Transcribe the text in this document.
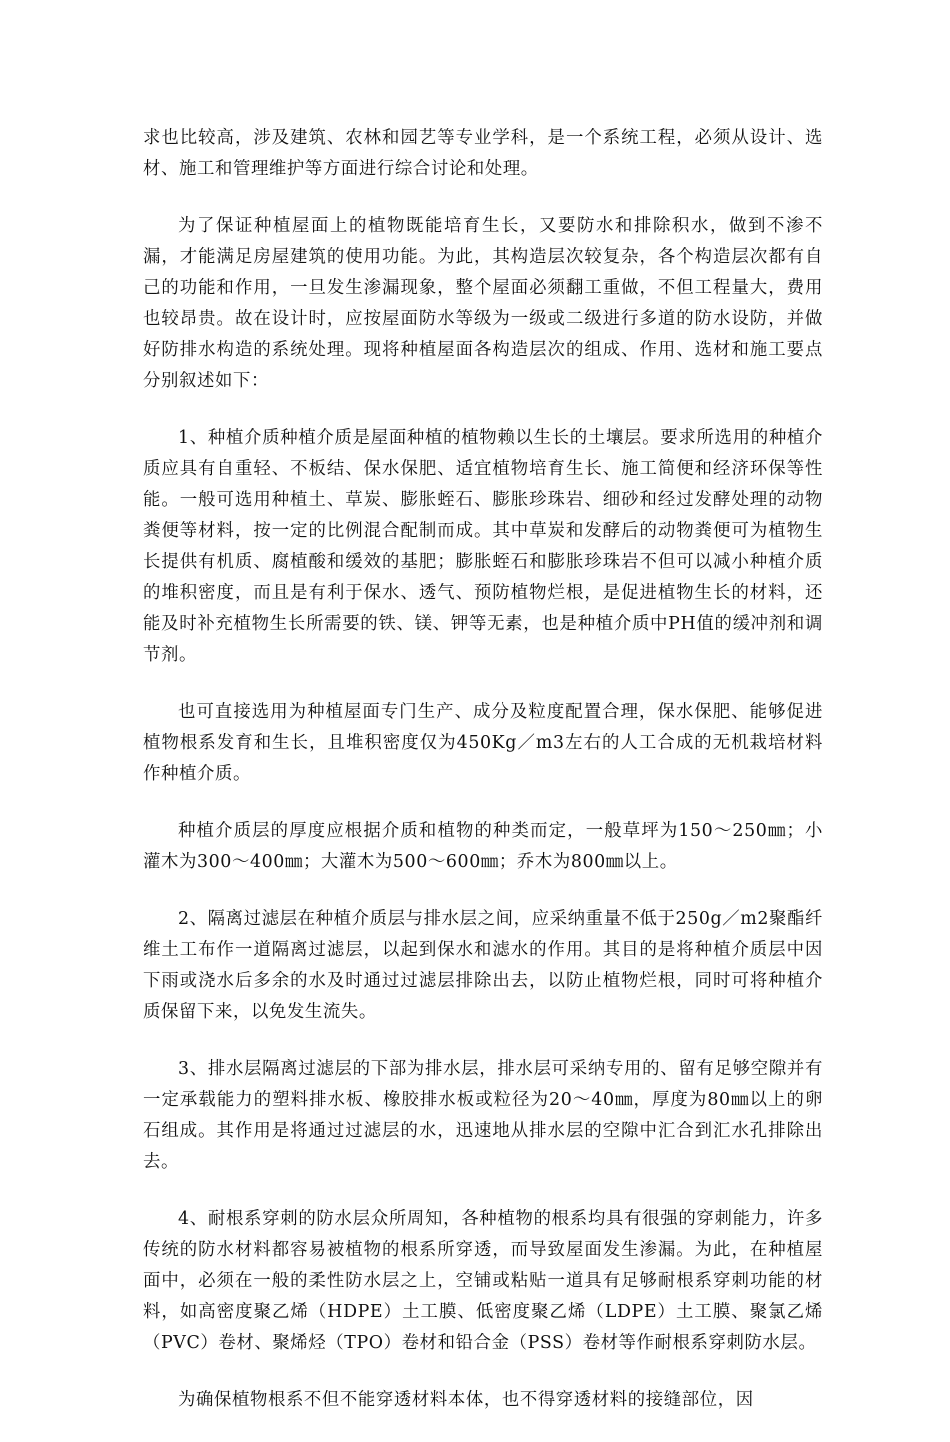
求也比较高，涉及建筑、农林和园艺等专业学科，是一个系统工程，必须从设计、选材、施工和管理维护等方面进行综合讨论和处理。

为了保证种植屋面上的植物既能培育生长，又要防水和排除积水，做到不渗不漏，才能满足房屋建筑的使用功能。为此，其构造层次较复杂，各个构造层次都有自己的功能和作用，一旦发生渗漏现象，整个屋面必须翻工重做，不但工程量大，费用也较昂贵。故在设计时，应按屋面防水等级为一级或二级进行多道的防水设防，并做好防排水构造的系统处理。现将种植屋面各构造层次的组成、作用、选材和施工要点分别叙述如下：

1、种植介质种植介质是屋面种植的植物赖以生长的土壤层。要求所选用的种植介质应具有自重轻、不板结、保水保肥、适宜植物培育生长、施工简便和经济环保等性能。一般可选用种植土、草炭、膨胀蛭石、膨胀珍珠岩、细砂和经过发酵处理的动物粪便等材料，按一定的比例混合配制而成。其中草炭和发酵后的动物粪便可为植物生长提供有机质、腐植酸和缓效的基肥；膨胀蛭石和膨胀珍珠岩不但可以减小种植介质的堆积密度，而且是有利于保水、透气、预防植物烂根，是促进植物生长的材料，还能及时补充植物生长所需要的铁、镁、钾等无素，也是种植介质中PH值的缓冲剂和调节剂。

也可直接选用为种植屋面专门生产、成分及粒度配置合理，保水保肥、能够促进植物根系发育和生长，且堆积密度仅为450Kg／m3左右的人工合成的无机栽培材料作种植介质。

种植介质层的厚度应根据介质和植物的种类而定，一般草坪为150～250㎜；小灌木为300～400㎜；大灌木为500～600㎜；乔木为800㎜以上。

2、隔离过滤层在种植介质层与排水层之间，应采纳重量不低于250g／m2聚酯纤维土工布作一道隔离过滤层，以起到保水和滤水的作用。其目的是将种植介质层中因下雨或浇水后多余的水及时通过过滤层排除出去，以防止植物烂根，同时可将种植介质保留下来，以免发生流失。

3、排水层隔离过滤层的下部为排水层，排水层可采纳专用的、留有足够空隙并有一定承载能力的塑料排水板、橡胶排水板或粒径为20～40㎜，厚度为80㎜以上的卵石组成。其作用是将通过过滤层的水，迅速地从排水层的空隙中汇合到汇水孔排除出去。

4、耐根系穿刺的防水层众所周知，各种植物的根系均具有很强的穿刺能力，许多传统的防水材料都容易被植物的根系所穿透，而导致屋面发生渗漏。为此，在种植屋面中，必须在一般的柔性防水层之上，空铺或粘贴一道具有足够耐根系穿刺功能的材料，如高密度聚乙烯（HDPE）土工膜、低密度聚乙烯（LDPE）土工膜、聚氯乙烯（PVC）卷材、聚烯烃（TPO）卷材和铅合金（PSS）卷材等作耐根系穿刺防水层。

为确保植物根系不但不能穿透材料本体，也不得穿透材料的接缝部位，因
